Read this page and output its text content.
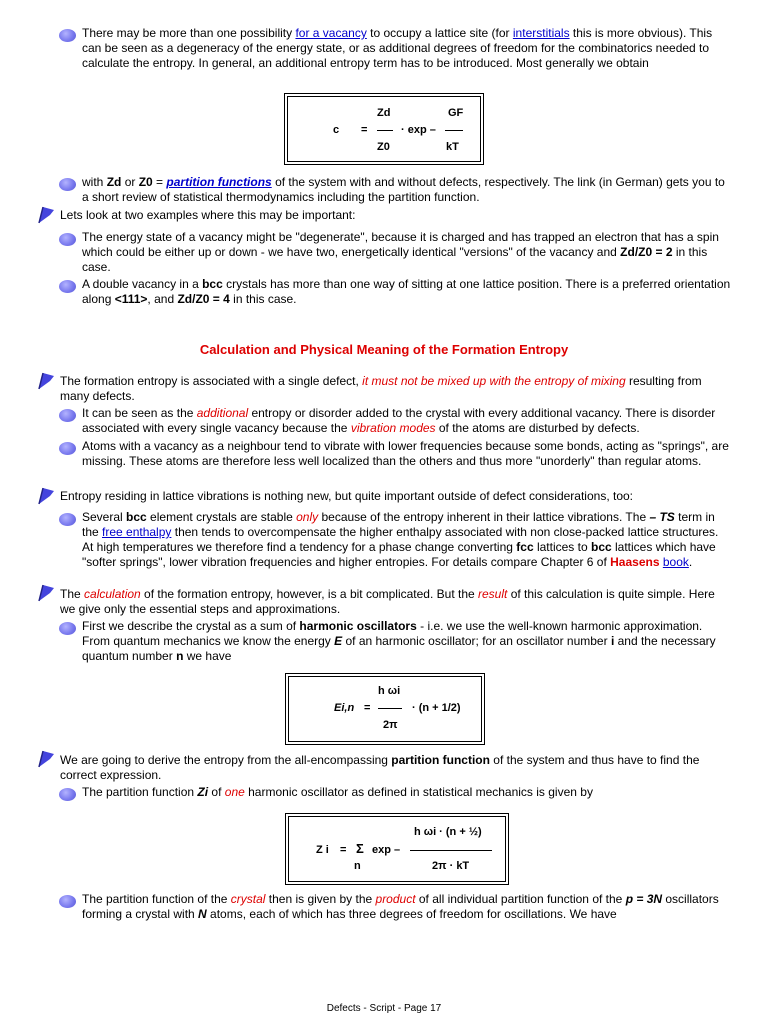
There may be more than one possibility for a vacancy to occupy a lattice site (for interstitials this is more obvious). This can be seen as a degeneracy of the energy state, or as additional degrees of freedom for the combinatorics needed to calculate the entropy. In general, an additional entropy term has to be introduced. Most generally we obtain
Zd	GF
c =	· exp –
Z0	kT
with Zd or Z0 = partition functions of the system with and without defects, respectively. The link (in German) gets you to a short review of statistical thermodynamics including the partition function.
Lets look at two examples where this may be important:
The energy state of a vacancy might be "degenerate", because it is charged and has trapped an electron that has a spin which could be either up or down - we have two, energetically identical "versions" of the vacancy and Zd/Z0 = 2 in this case.
A double vacancy in a bcc crystals has more than one way of sitting at one lattice position. There is a preferred orientation along <111>, and Zd/Z0 = 4 in this case.
Calculation and Physical Meaning of the Formation Entropy
The formation entropy is associated with a single defect, it must not be mixed up with the entropy of mixing resulting from many defects.
It can be seen as the additional entropy or disorder added to the crystal with every additional vacancy. There is disorder associated with every single vacancy because the vibration modes of the atoms are disturbed by defects.
Atoms with a vacancy as a neighbour tend to vibrate with lower frequencies because some bonds, acting as "springs", are missing. These atoms are therefore less well localized than the others and thus more "unorderly" than regular atoms.
Entropy residing in lattice vibrations is nothing new, but quite important outside of defect considerations, too:
Several bcc element crystals are stable only because of the entropy inherent in their lattice vibrations. The – TS term in the free enthalpy then tends to overcompensate the higher enthalpy associated with non close-packed lattice structures. At high temperatures we therefore find a tendency for a phase change converting fcc lattices to bcc lattices which have "softer springs", lower vibration frequencies and higher entropies. For details compare Chapter 6 of Haasens book.
The calculation of the formation entropy, however, is a bit complicated. But the result of this calculation is quite simple. Here we give only the essential steps and approximations.
First we describe the crystal as a sum of harmonic oscillators - i.e. we use the well-known harmonic approximation. From quantum mechanics we know the energy E of an harmonic oscillator; for an oscillator number i and the necessary quantum number n we have
h ωi
Ei,n =	· (n + 1/2)
2π
We are going to derive the entropy from the all-encompassing partition function of the system and thus have to find the correct expression.
The partition function Zi of one harmonic oscillator as defined in statistical mechanics is given by
h ωi · (n + ½)
Z i = Σ exp –
n	2π · kT
The partition function of the crystal then is given by the product of all individual partition function of the p = 3N oscillators forming a crystal with N atoms, each of which has three degrees of freedom for oscillations. We have
Defects - Script - Page 17
